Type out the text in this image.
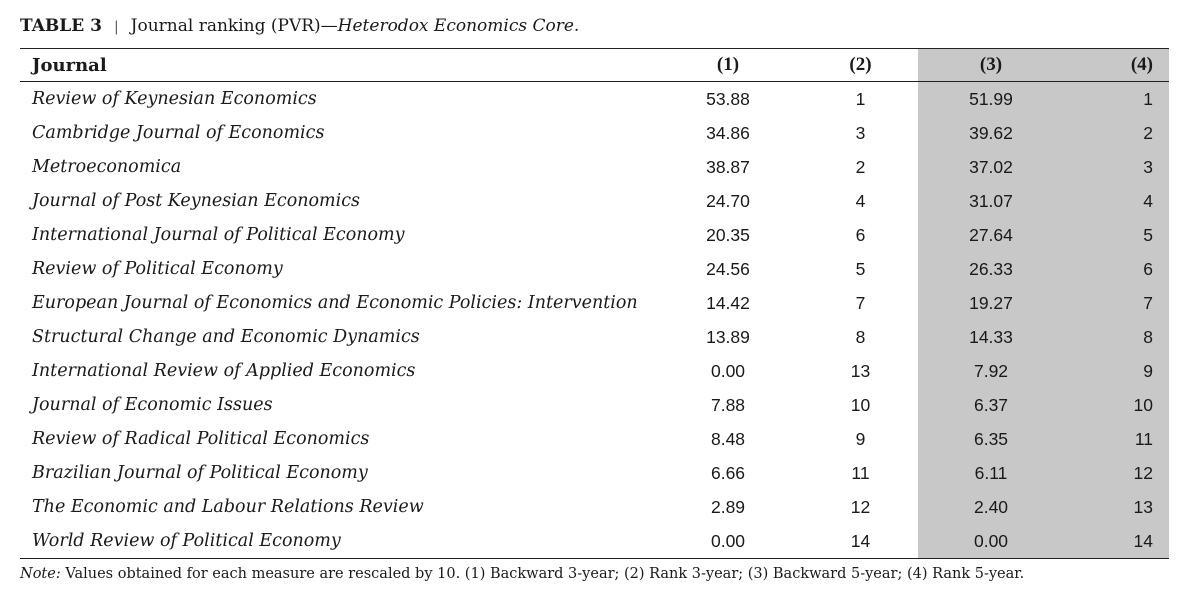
TABLE 3 | Journal ranking (PVR)—Heterodox Economics Core.
Journal	(1)	(2)	(3)	(4)
Review of Keynesian Economics	53.88	1	51.99	1
Cambridge Journal of Economics	34.86	3	39.62	2
Metroeconomica	38.87	2	37.02	3
Journal of Post Keynesian Economics	24.70	4	31.07	4
International Journal of Political Economy	20.35	6	27.64	5
Review of Political Economy	24.56	5	26.33	6
European Journal of Economics and Economic Policies: Intervention	14.42	7	19.27	7
Structural Change and Economic Dynamics	13.89	8	14.33	8
International Review of Applied Economics	0.00	13	7.92	9
Journal of Economic Issues	7.88	10	6.37	10
Review of Radical Political Economics	8.48	9	6.35	11
Brazilian Journal of Political Economy	6.66	11	6.11	12
The Economic and Labour Relations Review	2.89	12	2.40	13
World Review of Political Economy	0.00	14	0.00	14
Note: Values obtained for each measure are rescaled by 10. (1) Backward 3-year; (2) Rank 3-year; (3) Backward 5-year; (4) Rank 5-year.
